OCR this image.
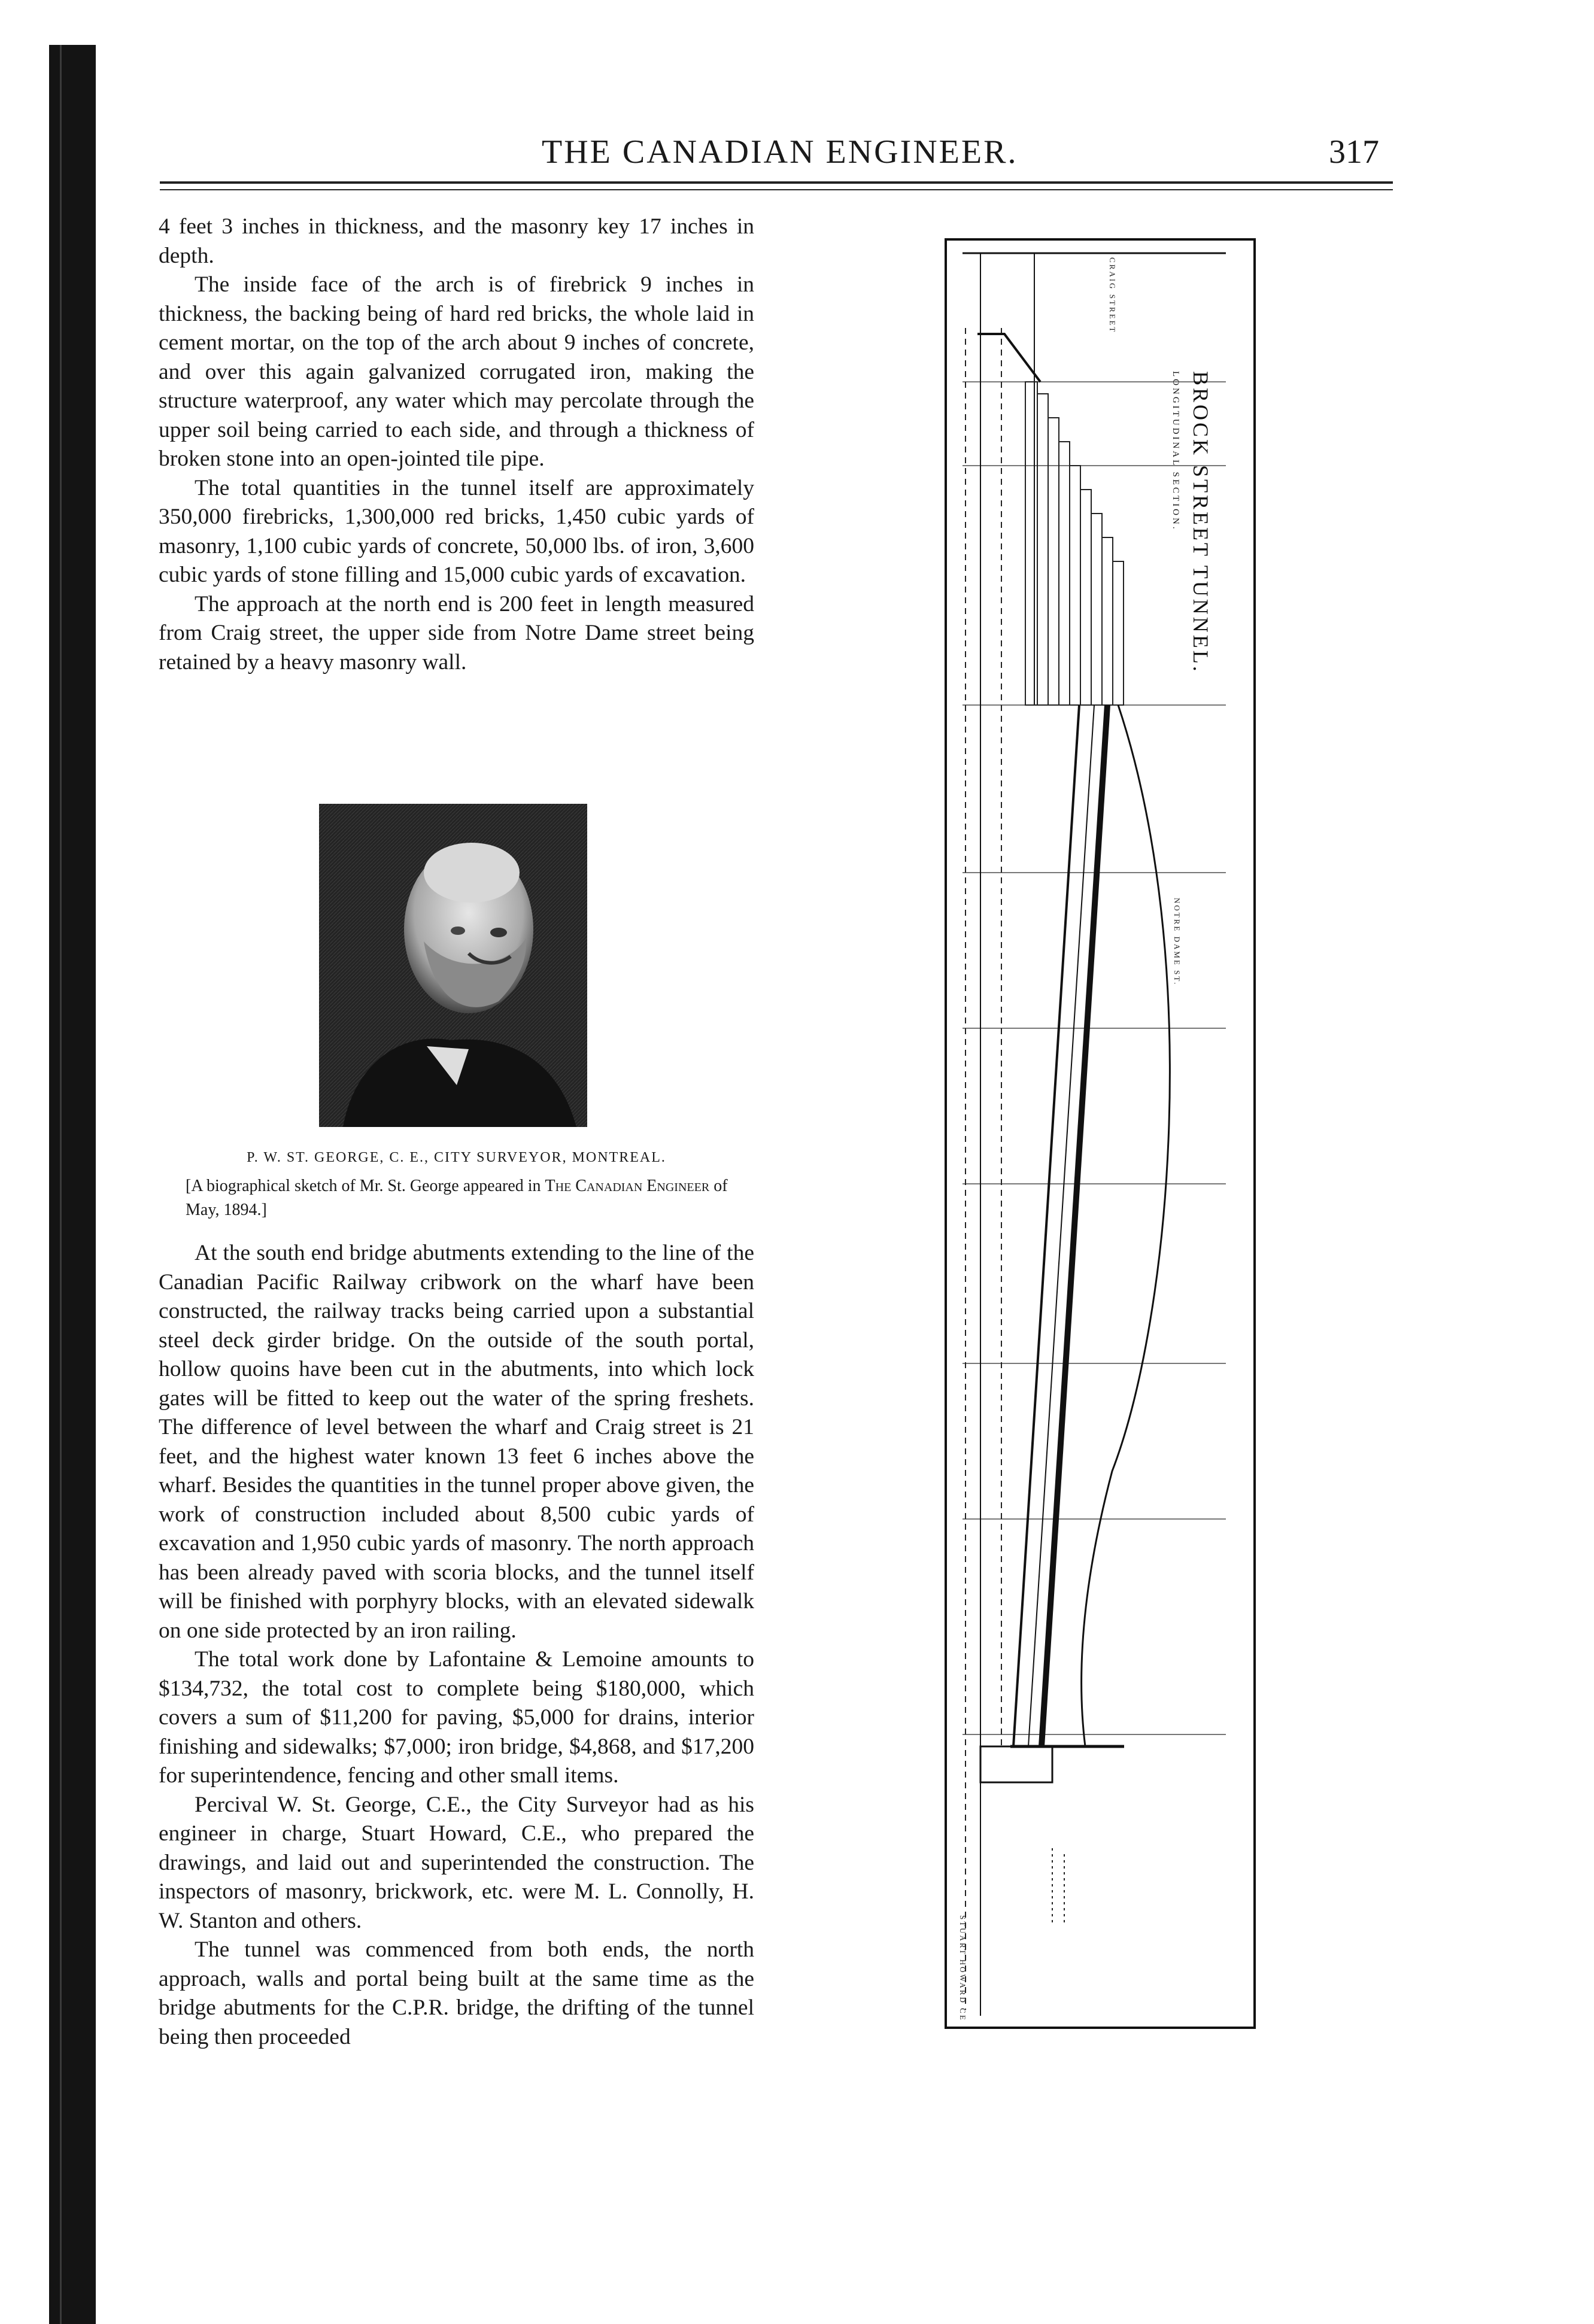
THE CANADIAN ENGINEER.	317

4 feet 3 inches in thickness, and the masonry key 17 inches in depth.

The inside face of the arch is of firebrick 9 inches in thickness, the backing being of hard red bricks, the whole laid in cement mortar, on the top of the arch about 9 inches of concrete, and over this again galvanized corrugated iron, making the structure waterproof, any water which may percolate through the upper soil being carried to each side, and through a thickness of broken stone into an open-jointed tile pipe.

The total quantities in the tunnel itself are approximately 350,000 firebricks, 1,300,000 red bricks, 1,450 cubic yards of masonry, 1,100 cubic yards of concrete, 50,000 lbs. of iron, 3,600 cubic yards of stone filling and 15,000 cubic yards of excavation.

The approach at the north end is 200 feet in length measured from Craig street, the upper side from Notre Dame street being retained by a heavy masonry wall.

P. W. ST. GEORGE, C. E., CITY SURVEYOR, MONTREAL.
[A biographical sketch of Mr. St. George appeared in The Canadian Engineer of May, 1894.]

At the south end bridge abutments extending to the line of the Canadian Pacific Railway cribwork on the wharf have been constructed, the railway tracks being carried upon a substantial steel deck girder bridge. On the outside of the south portal, hollow quoins have been cut in the abutments, into which lock gates will be fitted to keep out the water of the spring freshets. The difference of level between the wharf and Craig street is 21 feet, and the highest water known 13 feet 6 inches above the wharf. Besides the quantities in the tunnel proper above given, the work of construction included about 8,500 cubic yards of excavation and 1,950 cubic yards of masonry. The north approach has been already paved with scoria blocks, and the tunnel itself will be finished with porphyry blocks, with an elevated sidewalk on one side protected by an iron railing.

The total work done by Lafontaine & Lemoine amounts to $134,732, the total cost to complete being $180,000, which covers a sum of $11,200 for paving, $5,000 for drains, interior finishing and sidewalks; $7,000; iron bridge, $4,868, and $17,200 for superintendence, fencing and other small items.

Percival W. St. George, C.E., the City Surveyor had as his engineer in charge, Stuart Howard, C.E., who prepared the drawings, and laid out and superintended the construction. The inspectors of masonry, brickwork, etc. were M. L. Connolly, H. W. Stanton and others.

The tunnel was commenced from both ends, the north approach, walls and portal being built at the same time as the bridge abutments for the C.P.R. bridge, the drifting of the tunnel being then proceeded

BROCK STREET TUNNEL.
LONGITUDINAL SECTION.
CRAIG STREET
NOTRE DAME ST.
STUART HOWARD CE
